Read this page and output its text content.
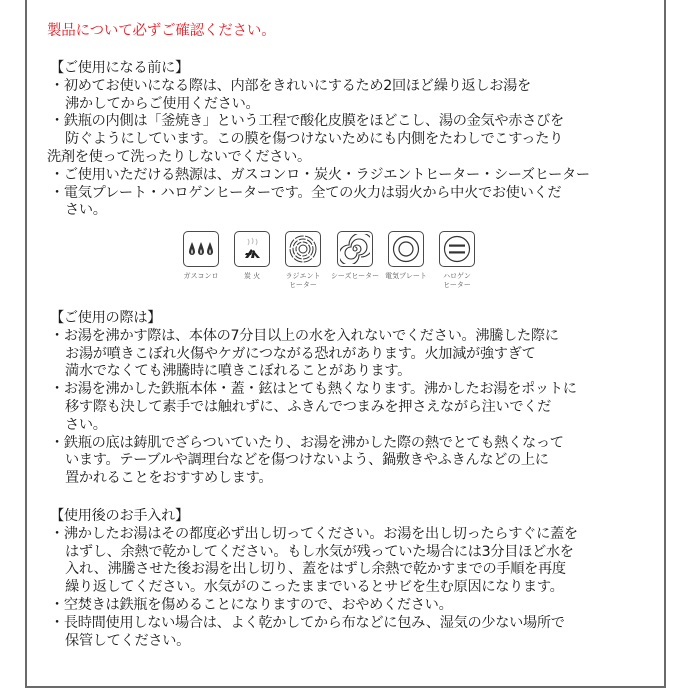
製品について必ずご確認ください。
【ご使用になる前に】
・初めてお使いになる際は、内部をきれいにするため2回ほど繰り返しお湯を
沸かしてからご使用ください。
・鉄瓶の内側は「釜焼き」という工程で酸化皮膜をほどこし、湯の金気や赤さびを
防ぐようにしています。この膜を傷つけないためにも内側をたわしでこすったり
洗剤を使って洗ったりしないでください。
・ご使用いただける熱源は、ガスコンロ・炭火・ラジエントヒーター・シーズヒーター
・電気プレート・ハロゲンヒーターです。全ての火力は弱火から中火でお使いくだ
さい。
ガスコンロ	炭 火	ラジエント
ヒーター
シーズヒーター 電気プレート	ハロゲン
ヒーター
【ご使用の際は】
・お湯を沸かす際は、本体の7分目以上の水を入れないでください。沸騰した際に
お湯が噴きこぼれ火傷やケガにつながる恐れがあります。火加減が強すぎて
満水でなくても沸騰時に噴きこぼれることがあります。
・お湯を沸かした鉄瓶本体・蓋・鉉はとても熱くなります。沸かしたお湯をポットに
移す際も決して素手では触れずに、ふきんでつまみを押さえながら注いでくだ
さい。
・鉄瓶の底は鋳肌でざらついていたり、お湯を沸かした際の熱でとても熱くなって
います。テーブルや調理台などを傷つけないよう、鍋敷きやふきんなどの上に
置かれることをおすすめします。
【使用後のお手入れ】
・沸かしたお湯はその都度必ず出し切ってください。お湯を出し切ったらすぐに蓋を
はずし、余熱で乾かしてください。もし水気が残っていた場合には3分目ほど水を
入れ、沸騰させた後お湯を出し切り、蓋をはずし余熱で乾かすまでの手順を再度
繰り返してください。水気がのこったままでいるとサビを生む原因になります。
・空焚きは鉄瓶を傷めることになりますので、おやめください。
・長時間使用しない場合は、よく乾かしてから布などに包み、湿気の少ない場所で
保管してください。
